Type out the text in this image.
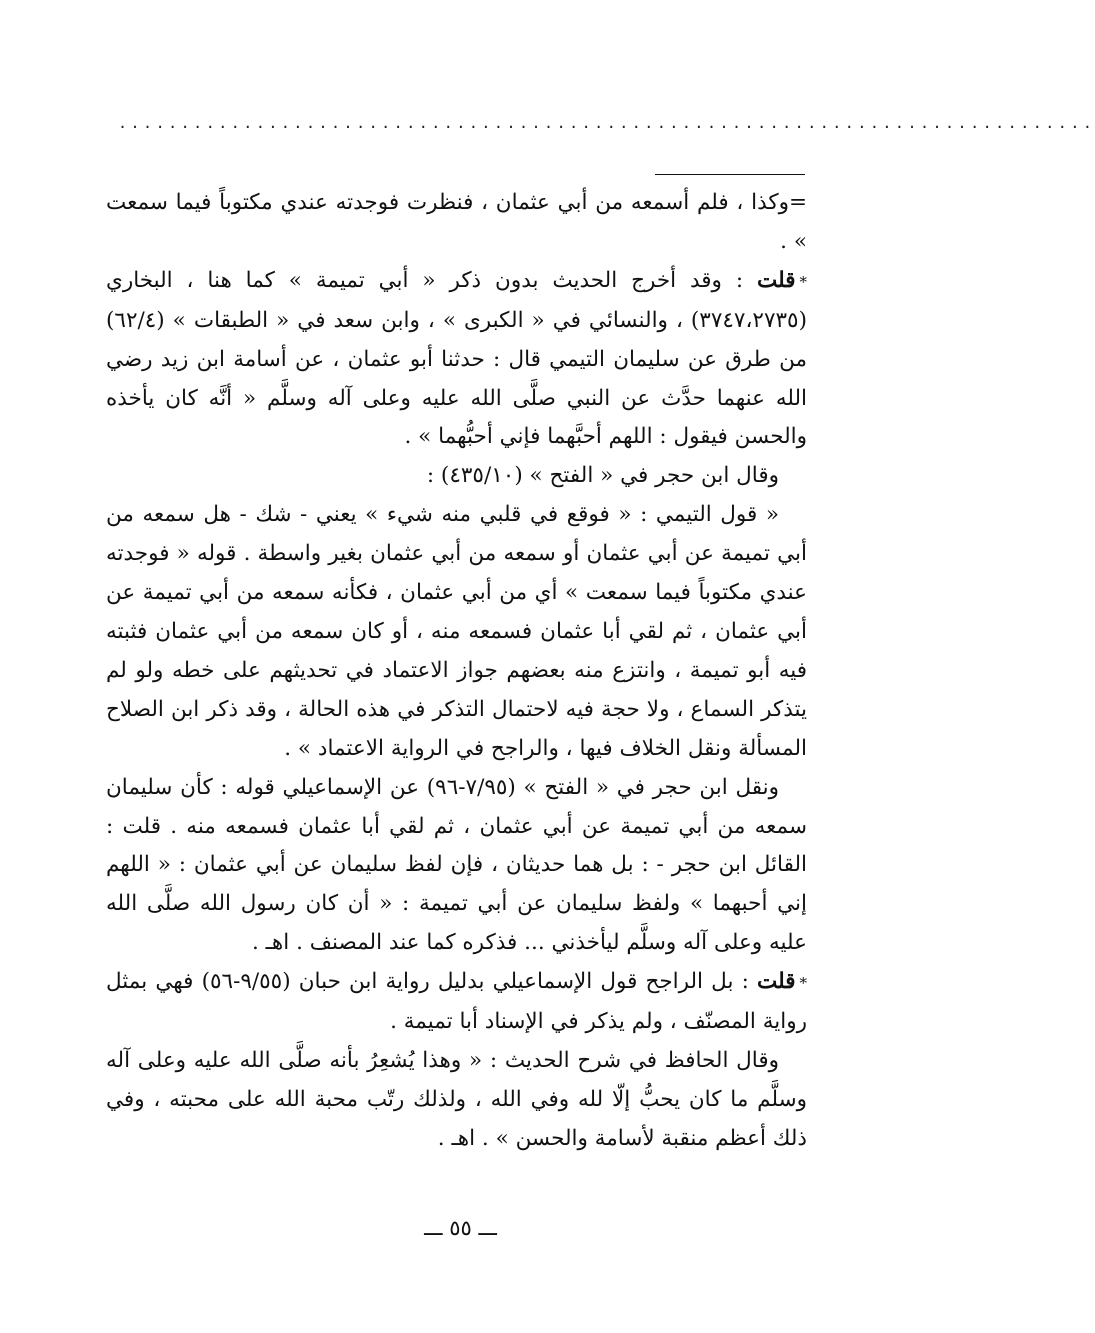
..............................................................................

=وكذا ، فلم أسمعه من أبي عثمان ، فنظرت فوجدته عندي مكتوباً فيما سمعت » .

*قلت : وقد أخرج الحديث بدون ذكر « أبي تميمة » كما هنا ، البخاري (٣٧٤٧،٢٧٣٥) ، والنسائي في « الكبرى » ، وابن سعد في « الطبقات » (٦٢/٤) من طرق عن سليمان التيمي قال : حدثنا أبو عثمان ، عن أسامة ابن زيد رضي الله عنهما حدَّث عن النبي صلَّى الله عليه وعلى آله وسلَّم « أنَّه كان يأخذه والحسن فيقول : اللهم أحبَّهما فإني أحبُّهما » .

وقال ابن حجر في « الفتح » (٤٣٥/١٠) :

« قول التيمي : « فوقع في قلبي منه شيء » يعني - شك - هل سمعه من أبي تميمة عن أبي عثمان أو سمعه من أبي عثمان بغير واسطة . قوله « فوجدته عندي مكتوباً فيما سمعت » أي من أبي عثمان ، فكأنه سمعه من أبي تميمة عن أبي عثمان ، ثم لقي أبا عثمان فسمعه منه ، أو كان سمعه من أبي عثمان فثبته فيه أبو تميمة ، وانتزع منه بعضهم جواز الاعتماد في تحديثهم على خطه ولو لم يتذكر السماع ، ولا حجة فيه لاحتمال التذكر في هذه الحالة ، وقد ذكر ابن الصلاح المسألة ونقل الخلاف فيها ، والراجح في الرواية الاعتماد » .

ونقل ابن حجر في « الفتح » (٧/٩٥-٩٦) عن الإسماعيلي قوله : كأن سليمان سمعه من أبي تميمة عن أبي عثمان ، ثم لقي أبا عثمان فسمعه منه . قلت : القائل ابن حجر - : بل هما حديثان ، فإن لفظ سليمان عن أبي عثمان : « اللهم إني أحبهما » ولفظ سليمان عن أبي تميمة : « أن كان رسول الله صلَّى الله عليه وعلى آله وسلَّم ليأخذني ... فذكره كما عند المصنف . اهـ .

*قلت : بل الراجح قول الإسماعيلي بدليل رواية ابن حبان (٩/٥٥-٥٦) فهي بمثل رواية المصنّف ، ولم يذكر في الإسناد أبا تميمة .

وقال الحافظ في شرح الحديث : « وهذا يُشعِرُ بأنه صلَّى الله عليه وعلى آله وسلَّم ما كان يحبُّ إلّا لله وفي الله ، ولذلك رتّب محبة الله على محبته ، وفي ذلك أعظم منقبة لأسامة والحسن » . اهـ .

ـــ ٥٥ ـــ
